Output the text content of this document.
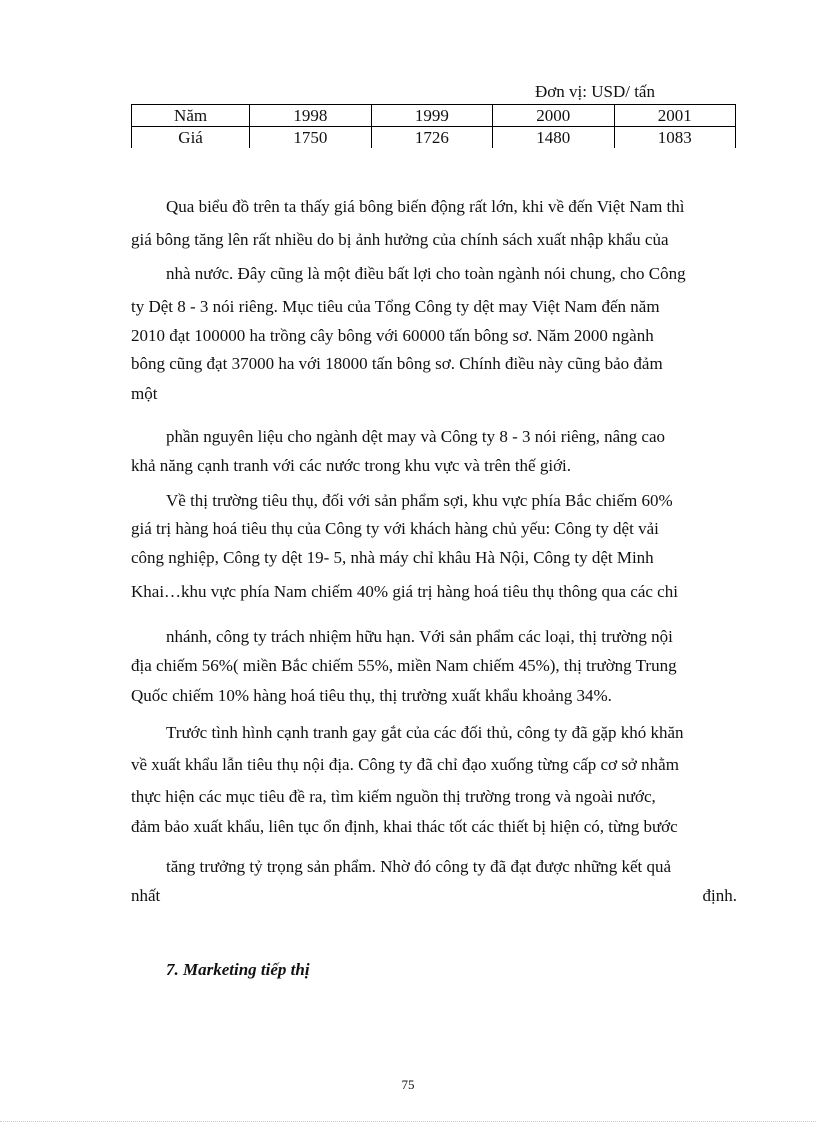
Đơn vị: USD/ tấn
Năm	1998	1999	2000	2001
Giá	1750	1726	1480	1083
Qua biểu đồ trên ta thấy giá bông biến động rất lớn, khi về đến Việt Nam thì
giá bông tăng lên rất nhiều do bị ảnh hưởng của chính sách xuất nhập khẩu của
nhà nước. Đây cũng là một điều bất lợi cho toàn ngành nói chung, cho Công
ty Dệt 8 - 3 nói riêng. Mục tiêu của Tổng Công ty dệt may Việt Nam đến năm
2010 đạt 100000 ha trồng cây bông với 60000 tấn bông sơ. Năm 2000 ngành
bông cũng đạt 37000 ha với 18000 tấn bông sơ. Chính điều này cũng bảo đảm
một
phần nguyên liệu cho ngành dệt may và Công ty 8 - 3 nói riêng, nâng cao
khả năng cạnh tranh với các nước trong khu vực và trên thế giới.
Về thị trường tiêu thụ, đối với sản phẩm sợi, khu vực phía Bắc chiếm 60%
giá trị hàng hoá tiêu thụ của Công ty với khách hàng chủ yếu: Công ty dệt vải
công nghiệp, Công ty dệt 19- 5, nhà máy chỉ khâu Hà Nội, Công ty dệt Minh
Khai…khu vực phía Nam chiếm 40% giá trị hàng hoá tiêu thụ thông qua các chi
nhánh, công ty trách nhiệm hữu hạn. Với sản phẩm các loại, thị trường nội
địa chiếm 56%( miền Bắc chiếm 55%, miền Nam chiếm 45%), thị trường Trung
Quốc chiếm 10% hàng hoá tiêu thụ, thị trường xuất khẩu khoảng 34%.
Trước tình hình cạnh tranh gay gắt của các đối thủ, công ty đã gặp khó khăn
về xuất khẩu lẫn tiêu thụ nội địa. Công ty đã chỉ đạo xuống từng cấp cơ sở nhằm
thực hiện các mục tiêu đề ra, tìm kiếm nguồn thị trường trong và ngoài nước,
đảm bảo xuất khẩu, liên tục ổn định, khai thác tốt các thiết bị hiện có, từng bước
tăng trưởng tỷ trọng sản phẩm. Nhờ đó công ty đã đạt được những kết quả
nhất	định.
7. Marketing tiếp thị
75
